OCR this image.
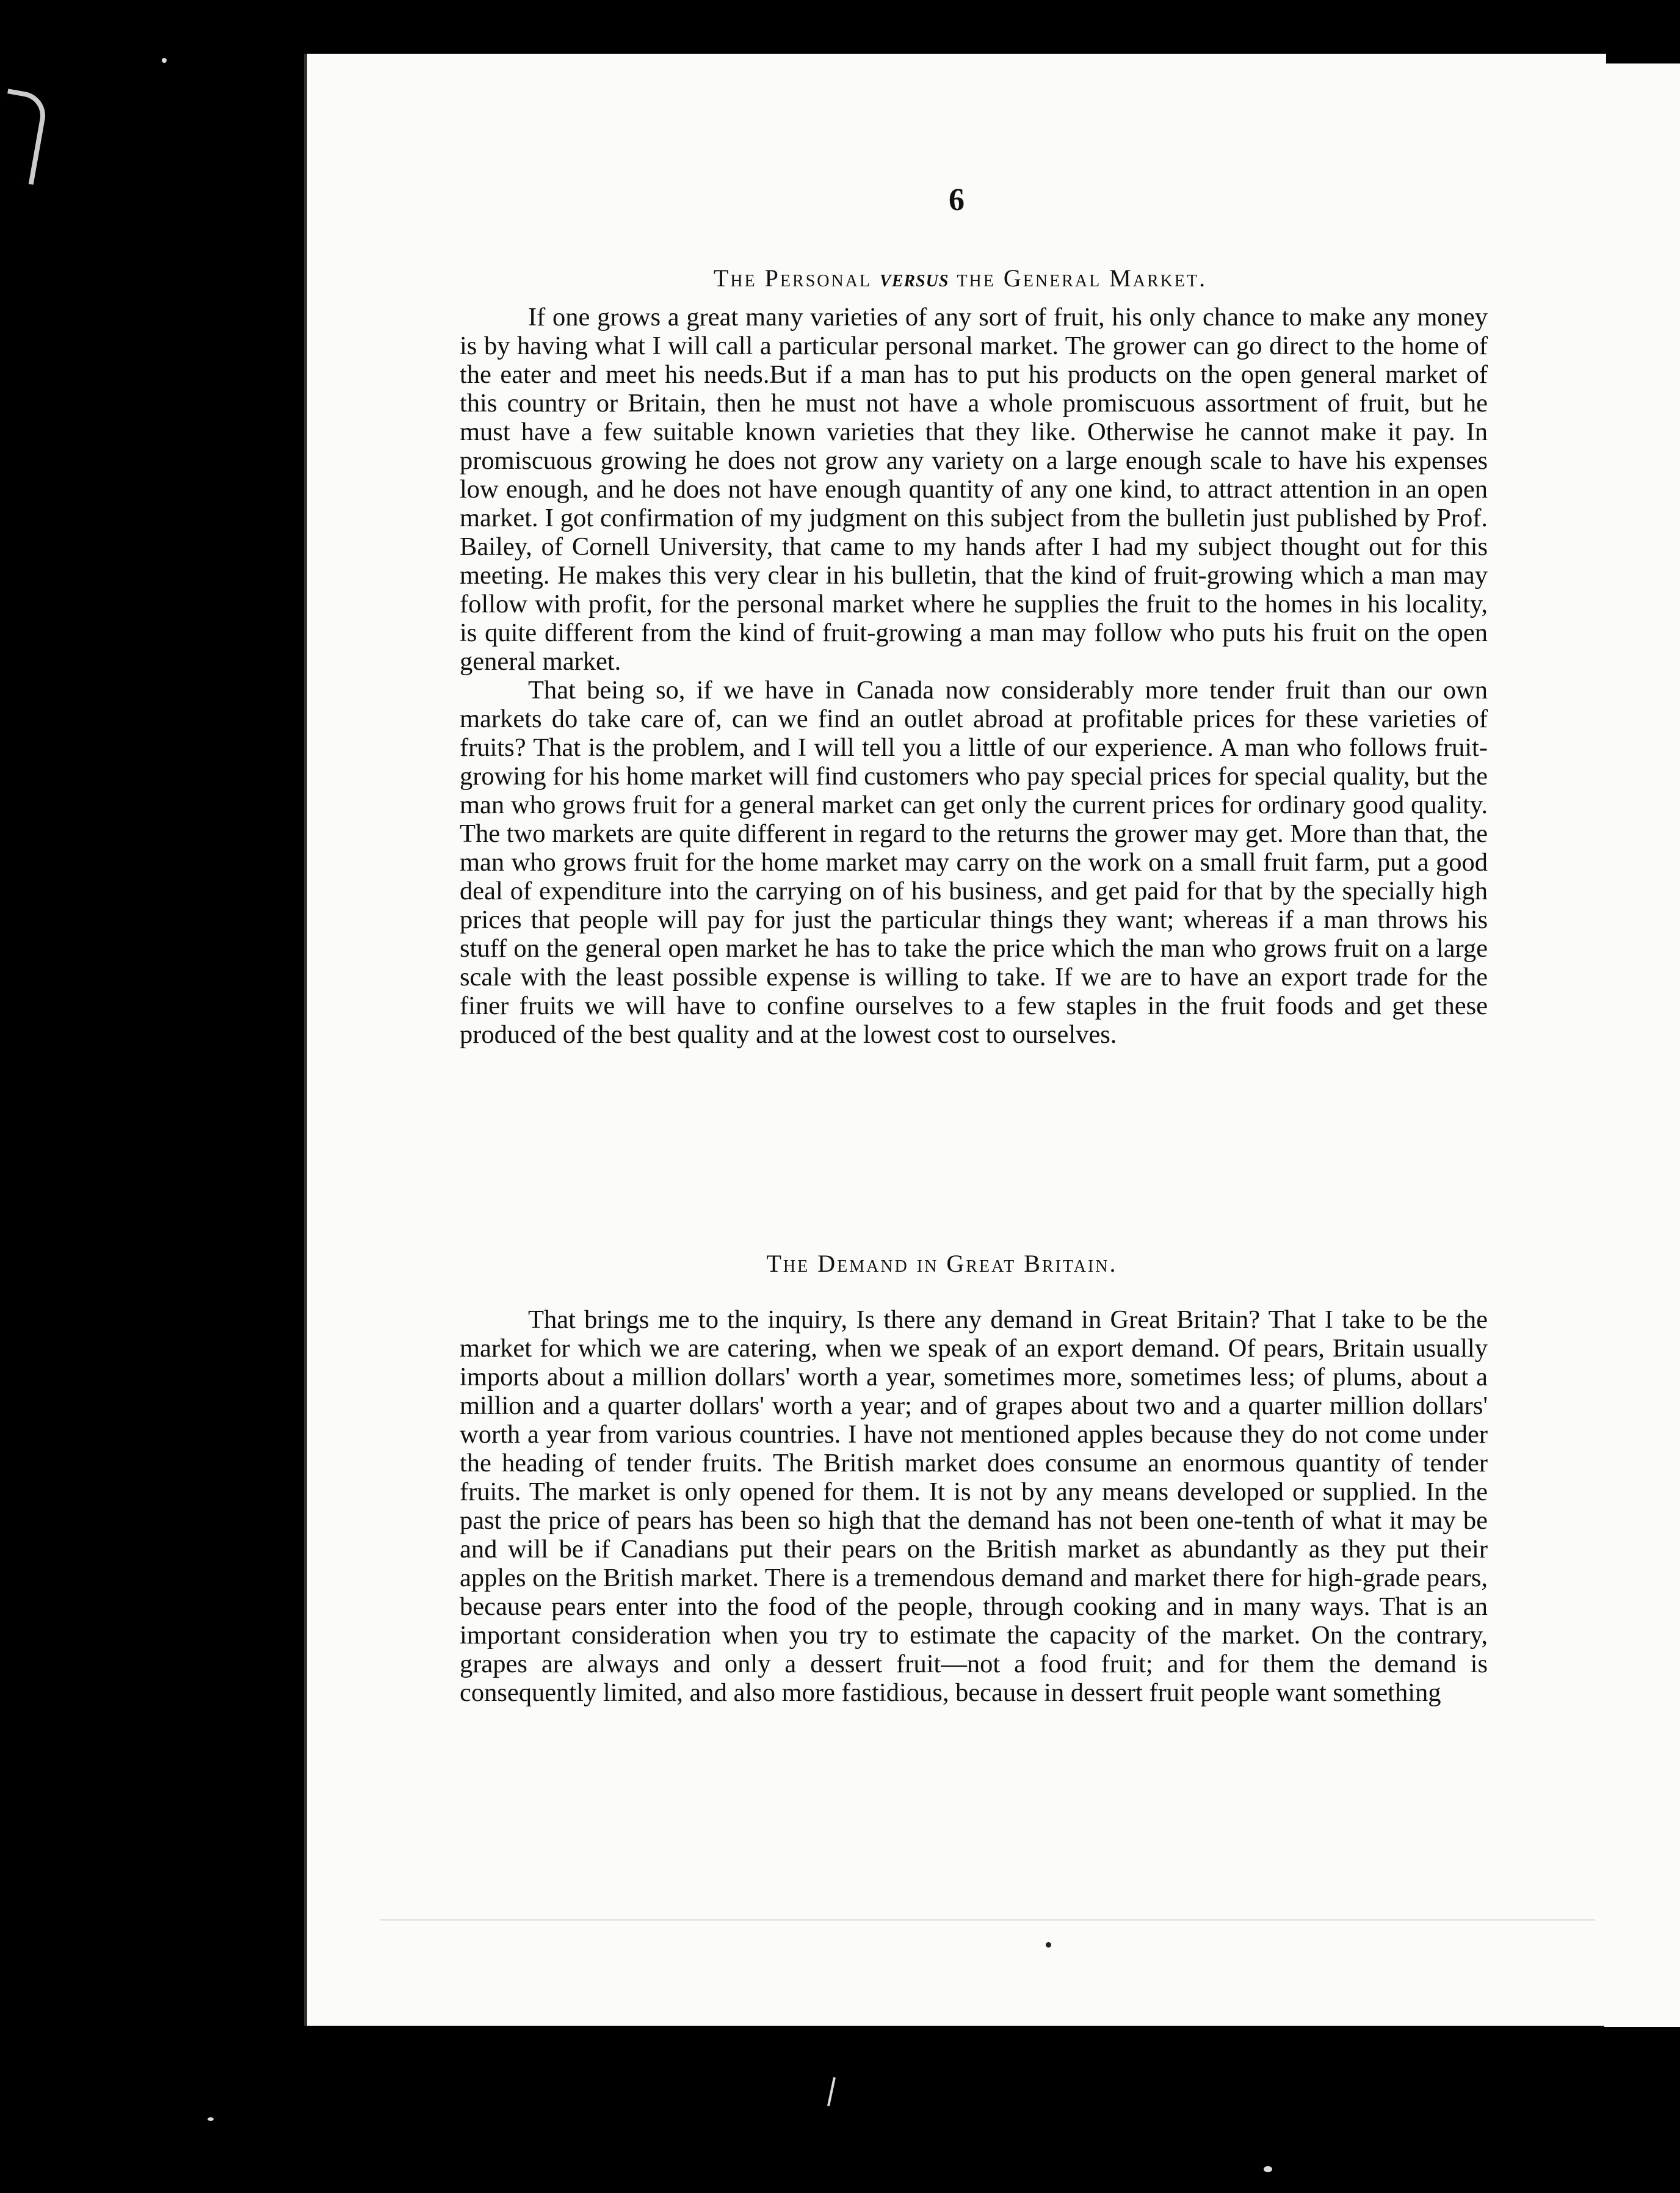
6
The Personal versus the General Market.

If one grows a great many varieties of any sort of fruit, his only chance to make any money is by having what I will call a particular personal market. The grower can go direct to the home of the eater and meet his needs.But if a man has to put his products on the open general market of this country or Britain, then he must not have a whole promiscuous assortment of fruit, but he must have a few suitable known varieties that they like. Otherwise he cannot make it pay. In promiscuous growing he does not grow any variety on a large enough scale to have his expenses low enough, and he does not have enough quantity of any one kind, to attract attention in an open market. I got confirmation of my judgment on this subject from the bulletin just published by Prof. Bailey, of Cornell University, that came to my hands after I had my subject thought out for this meeting. He makes this very clear in his bulletin, that the kind of fruit-growing which a man may follow with profit, for the personal market where he supplies the fruit to the homes in his locality, is quite different from the kind of fruit-growing a man may follow who puts his fruit on the open general market.

That being so, if we have in Canada now considerably more tender fruit than our own markets do take care of, can we find an outlet abroad at profitable prices for these varieties of fruits? That is the problem, and I will tell you a little of our experience. A man who follows fruit-growing for his home market will find customers who pay special prices for special quality, but the man who grows fruit for a general market can get only the current prices for ordinary good quality. The two markets are quite different in regard to the returns the grower may get. More than that, the man who grows fruit for the home market may carry on the work on a small fruit farm, put a good deal of expenditure into the carrying on of his business, and get paid for that by the specially high prices that people will pay for just the particular things they want; whereas if a man throws his stuff on the general open market he has to take the price which the man who grows fruit on a large scale with the least possible expense is willing to take. If we are to have an export trade for the finer fruits we will have to confine ourselves to a few staples in the fruit foods and get these produced of the best quality and at the lowest cost to ourselves.

The Demand in Great Britain.

That brings me to the inquiry, Is there any demand in Great Britain? That I take to be the market for which we are catering, when we speak of an export demand. Of pears, Britain usually imports about a million dollars' worth a year, sometimes more, sometimes less; of plums, about a million and a quarter dollars' worth a year; and of grapes about two and a quarter million dollars' worth a year from various countries. I have not mentioned apples because they do not come under the heading of tender fruits. The British market does consume an enormous quantity of tender fruits. The market is only opened for them. It is not by any means developed or supplied. In the past the price of pears has been so high that the demand has not been one-tenth of what it may be and will be if Canadians put their pears on the British market as abundantly as they put their apples on the British market. There is a tremendous demand and market there for high-grade pears, because pears enter into the food of the people, through cooking and in many ways. That is an important consideration when you try to estimate the capacity of the market. On the contrary, grapes are always and only a dessert fruit—not a food fruit; and for them the demand is consequently limited, and also more fastidious, because in dessert fruit people want something
